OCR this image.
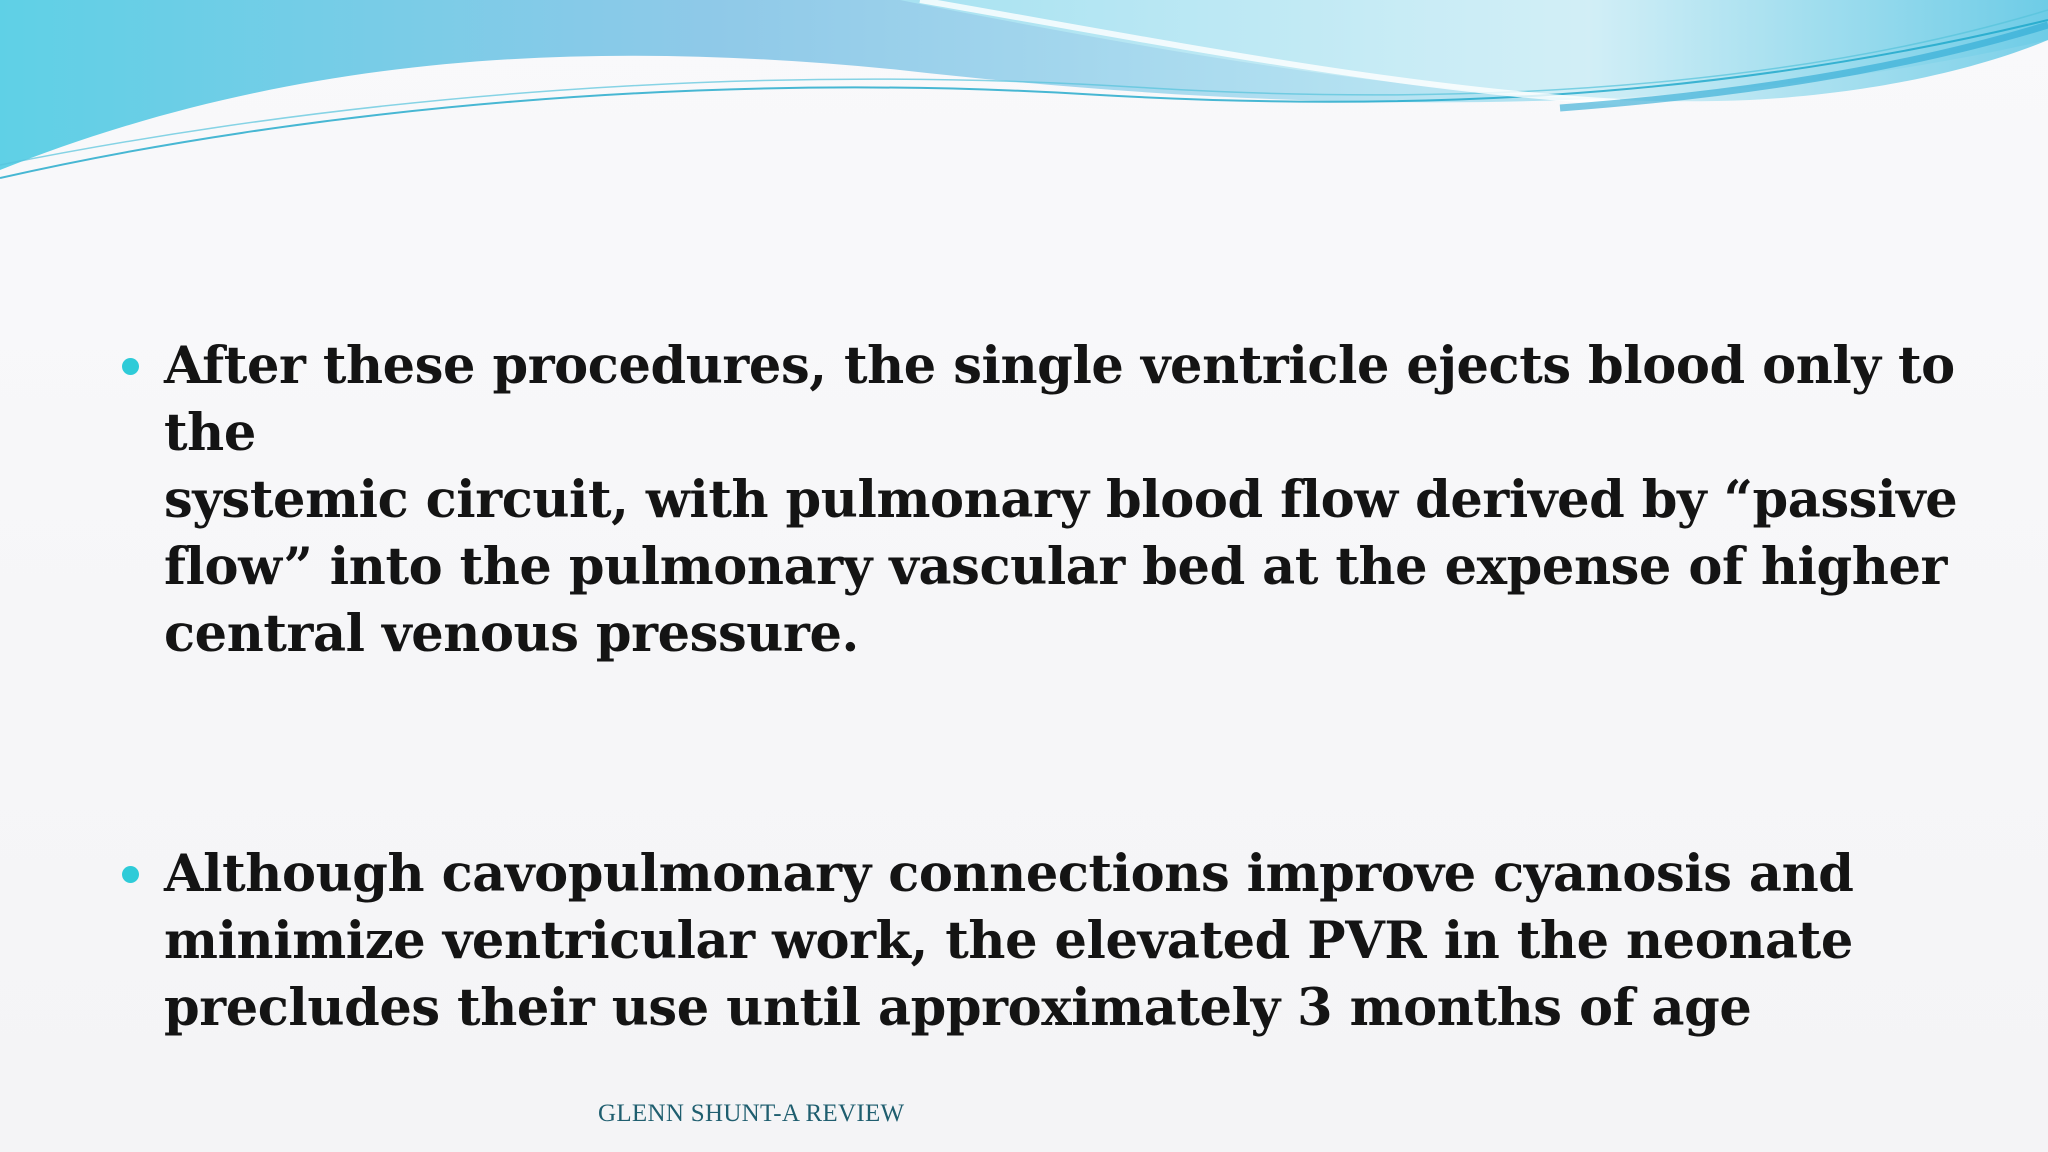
After these procedures, the single ventricle ejects blood only to the
systemic circuit, with pulmonary blood flow derived by “passive
flow” into the pulmonary vascular bed at the expense of higher
central venous pressure.
Although cavopulmonary connections improve cyanosis and
minimize ventricular work, the elevated PVR in the neonate
precludes their use until approximately 3 months of age
GLENN SHUNT-A REVIEW
